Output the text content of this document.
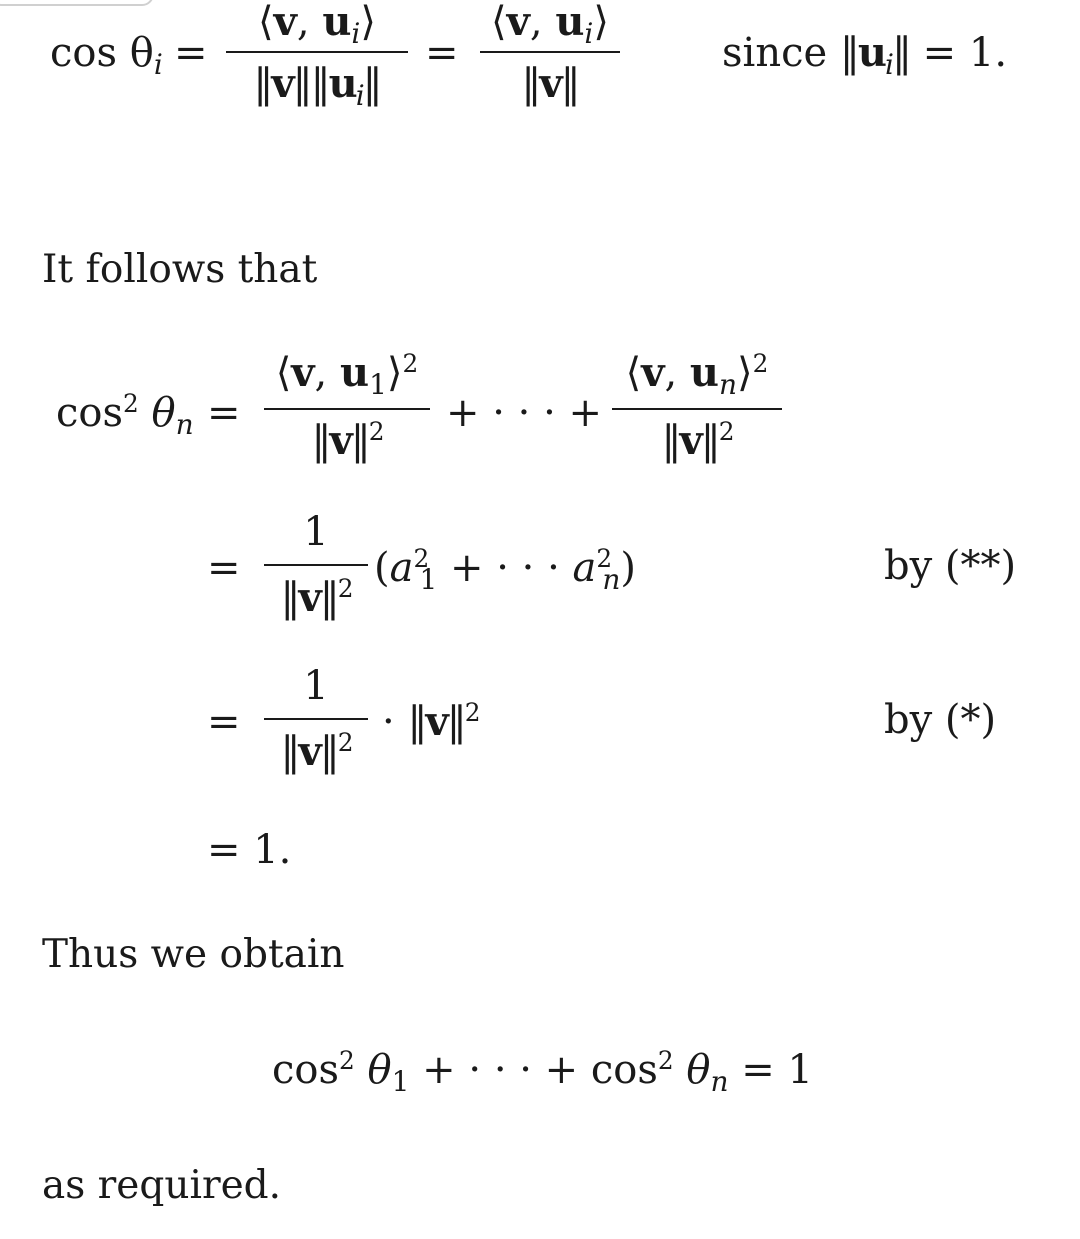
cos θi =
⟨v, ui⟩
‖v‖‖ui‖
=
⟨v, ui⟩
‖v‖
since ‖ui‖ = 1.
It follows that
$\cos^2 \theta n$ =
⟨v, u1⟩$^2$
‖v‖$^2$	+ · · · +
⟨v, un⟩$^2$
‖v‖$^2$
=
1
‖v‖$^2$ ($a^21$ + · · · $a^2n$)	by (**)
=
1
‖v‖$^2$ · ‖v‖$^2$	by (*)
= 1.
Thus we obtain
$\cos^2 \theta 1$ + · · · + $\cos^2 \theta n = 1$
as required.
